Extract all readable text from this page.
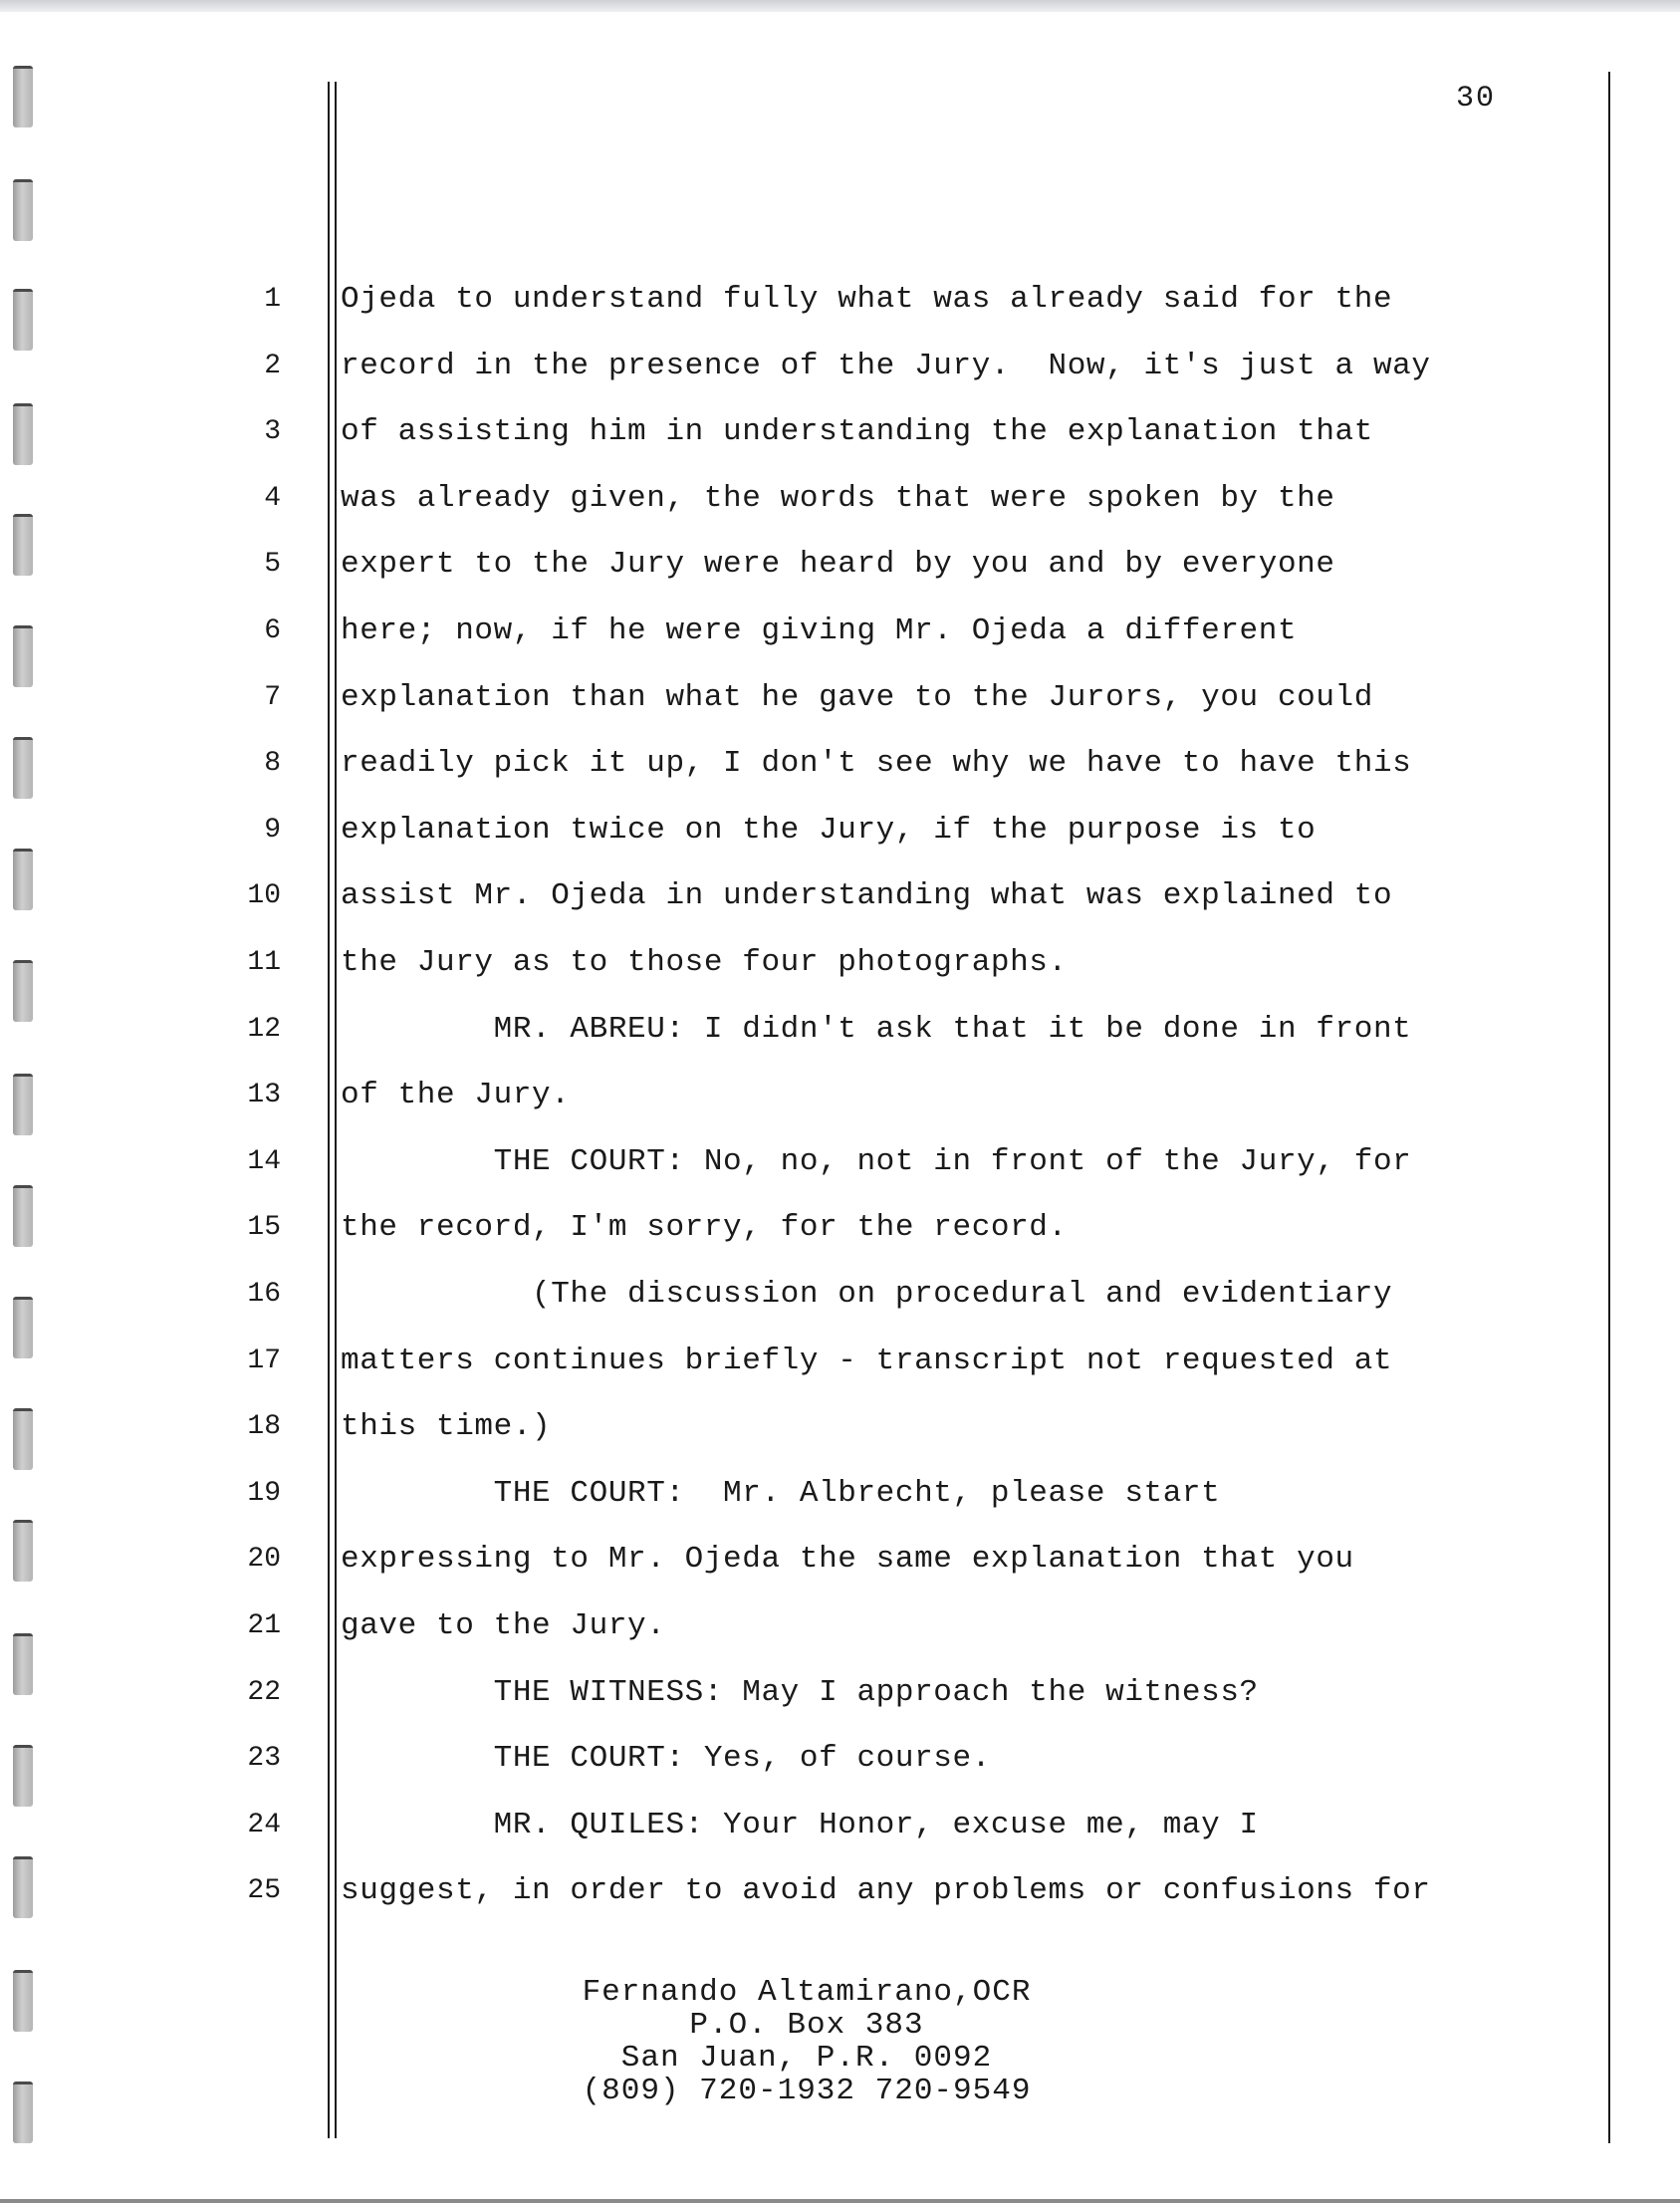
30
1 Ojeda to understand fully what was already said for the
2 record in the presence of the Jury.  Now, it's just a way
3 of assisting him in understanding the explanation that
4 was already given, the words that were spoken by the
5 expert to the Jury were heard by you and by everyone
6 here; now, if he were giving Mr. Ojeda a different
7 explanation than what he gave to the Jurors, you could
8 readily pick it up, I don't see why we have to have this
9 explanation twice on the Jury, if the purpose is to
10 assist Mr. Ojeda in understanding what was explained to
11 the Jury as to those four photographs.
12 MR. ABREU: I didn't ask that it be done in front
13 of the Jury.
14 THE COURT: No, no, not in front of the Jury, for
15 the record, I'm sorry, for the record.
16 (The discussion on procedural and evidentiary
17 matters continues briefly - transcript not requested at
18 this time.)
19 THE COURT:  Mr. Albrecht, please start
20 expressing to Mr. Ojeda the same explanation that you
21 gave to the Jury.
22 THE WITNESS: May I approach the witness?
23 THE COURT: Yes, of course.
24 MR. QUILES: Your Honor, excuse me, may I
25 suggest, in order to avoid any problems or confusions for
Fernando Altamirano,OCR
P.O. Box 383
San Juan, P.R. 0092
(809) 720-1932 720-9549
